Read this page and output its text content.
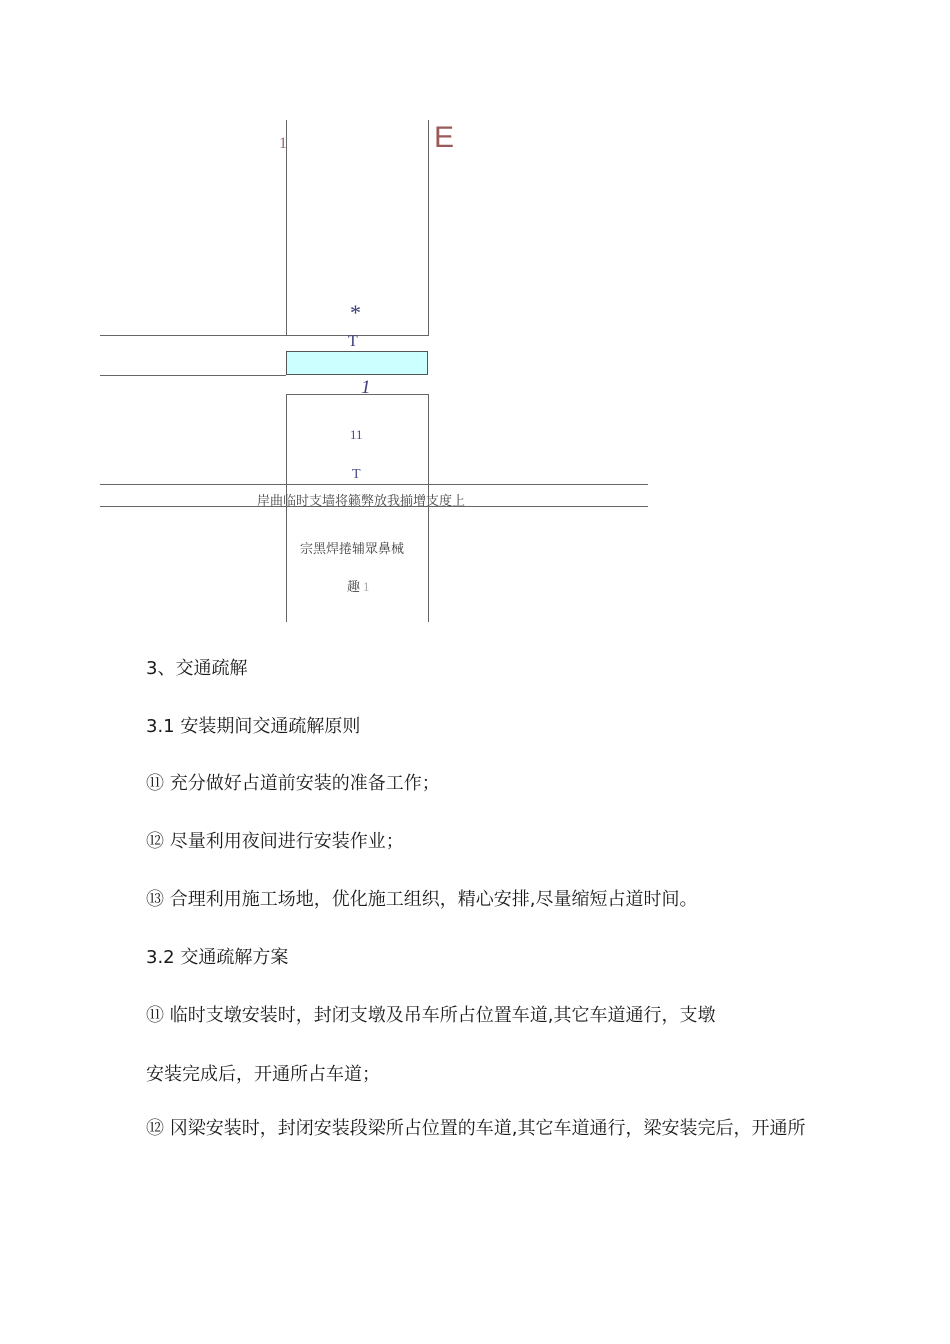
1	E
*
T
1
11
T
岸曲临时支墙将籁弊放我揃增支度上
宗黑焊捲辅眾鼻械
趣 1
3、交通疏解
3.1 安装期间交通疏解原则
⑪ 充分做好占道前安装的准备工作；
⑫ 尽量利用夜间进行安装作业；
⑬ 合理利用施工场地，优化施工组织，精心安排,尽量缩短占道时间。
3.2 交通疏解方案
⑪ 临时支墩安装时，封闭支墩及吊车所占位置车道,其它车道通行，支墩
安装完成后，开通所占车道；
⑫ 冈梁安装时，封闭安装段梁所占位置的车道,其它车道通行，梁安装完后，开通所
